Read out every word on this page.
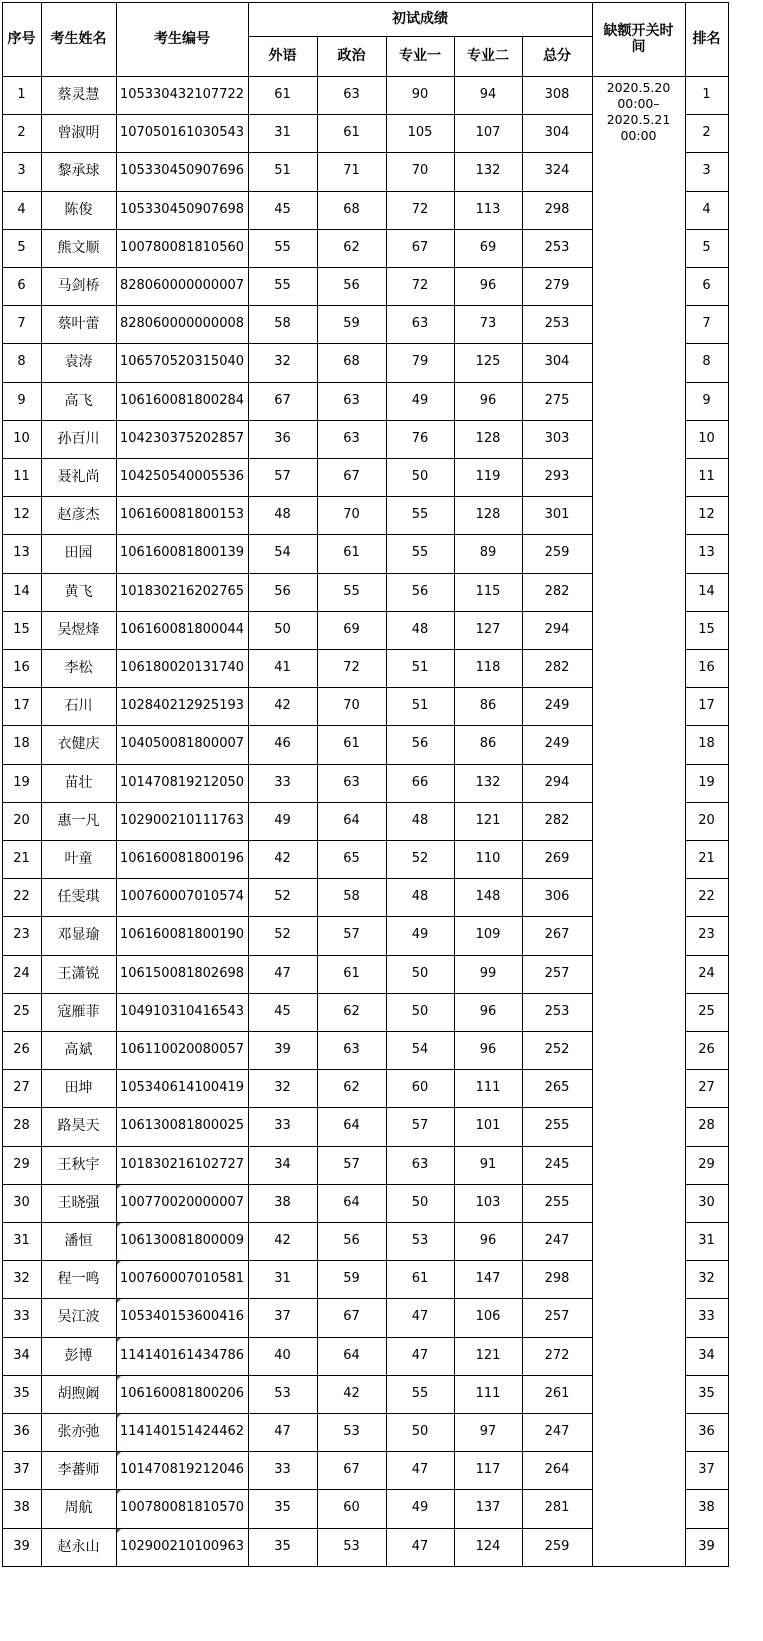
序号	考生姓名	考生编号
初试成绩
外语	政治	专业一	专业二	总分
缺额开关时间	排名
2020.5.20 00:00–
2020.5.21 00:00
1	蔡灵慧	105330432107722	61	63	90	94	308	1
2	曾淑明	107050161030543	31	61	105	107	304	2
3	黎承球	105330450907696	51	71	70	132	324	3
4	陈俊	105330450907698	45	68	72	113	298	4
5	熊文顺	100780081810560	55	62	67	69	253	5
6	马剑桥	828060000000007	55	56	72	96	279	6
7	蔡叶蕾	828060000000008	58	59	63	73	253	7
8	袁涛	106570520315040	32	68	79	125	304	8
9	高飞	106160081800284	67	63	49	96	275	9
10	孙百川	104230375202857	36	63	76	128	303	10
11	聂礼尚	104250540005536	57	67	50	119	293	11
12	赵彦杰	106160081800153	48	70	55	128	301	12
13	田园	106160081800139	54	61	55	89	259	13
14	黄飞	101830216202765	56	55	56	115	282	14
15	吴煜烽	106160081800044	50	69	48	127	294	15
16	李松	106180020131740	41	72	51	118	282	16
17	石川	102840212925193	42	70	51	86	249	17
18	衣健庆	104050081800007	46	61	56	86	249	18
19	苗壮	101470819212050	33	63	66	132	294	19
20	惠一凡	102900210111763	49	64	48	121	282	20
21	叶童	106160081800196	42	65	52	110	269	21
22	任雯琪	100760007010574	52	58	48	148	306	22
23	邓显瑜	106160081800190	52	57	49	109	267	23
24	王潇锐	106150081802698	47	61	50	99	257	24
25	寇雁菲	104910310416543	45	62	50	96	253	25
26	高斌	106110020080057	39	63	54	96	252	26
27	田坤	105340614100419	32	62	60	111	265	27
28	路昊天	106130081800025	33	64	57	101	255	28
29	王秋宇	101830216102727	34	57	63	91	245	29
30	王晓强	100770020000007	38	64	50	103	255	30
31	潘恒	106130081800009	42	56	53	96	247	31
32	程一鸣	100760007010581	31	59	61	147	298	32
33	吴江波	105340153600416	37	67	47	106	257	33
34	彭博	114140161434786	40	64	47	121	272	34
35	胡煦阚	106160081800206	53	42	55	111	261	35
36	张亦弛	114140151424462	47	53	50	97	247	36
37	李蕃师	101470819212046	33	67	47	117	264	37
38	周航	100780081810570	35	60	49	137	281	38
39	赵永山	102900210100963	35	53	47	124	259	39
